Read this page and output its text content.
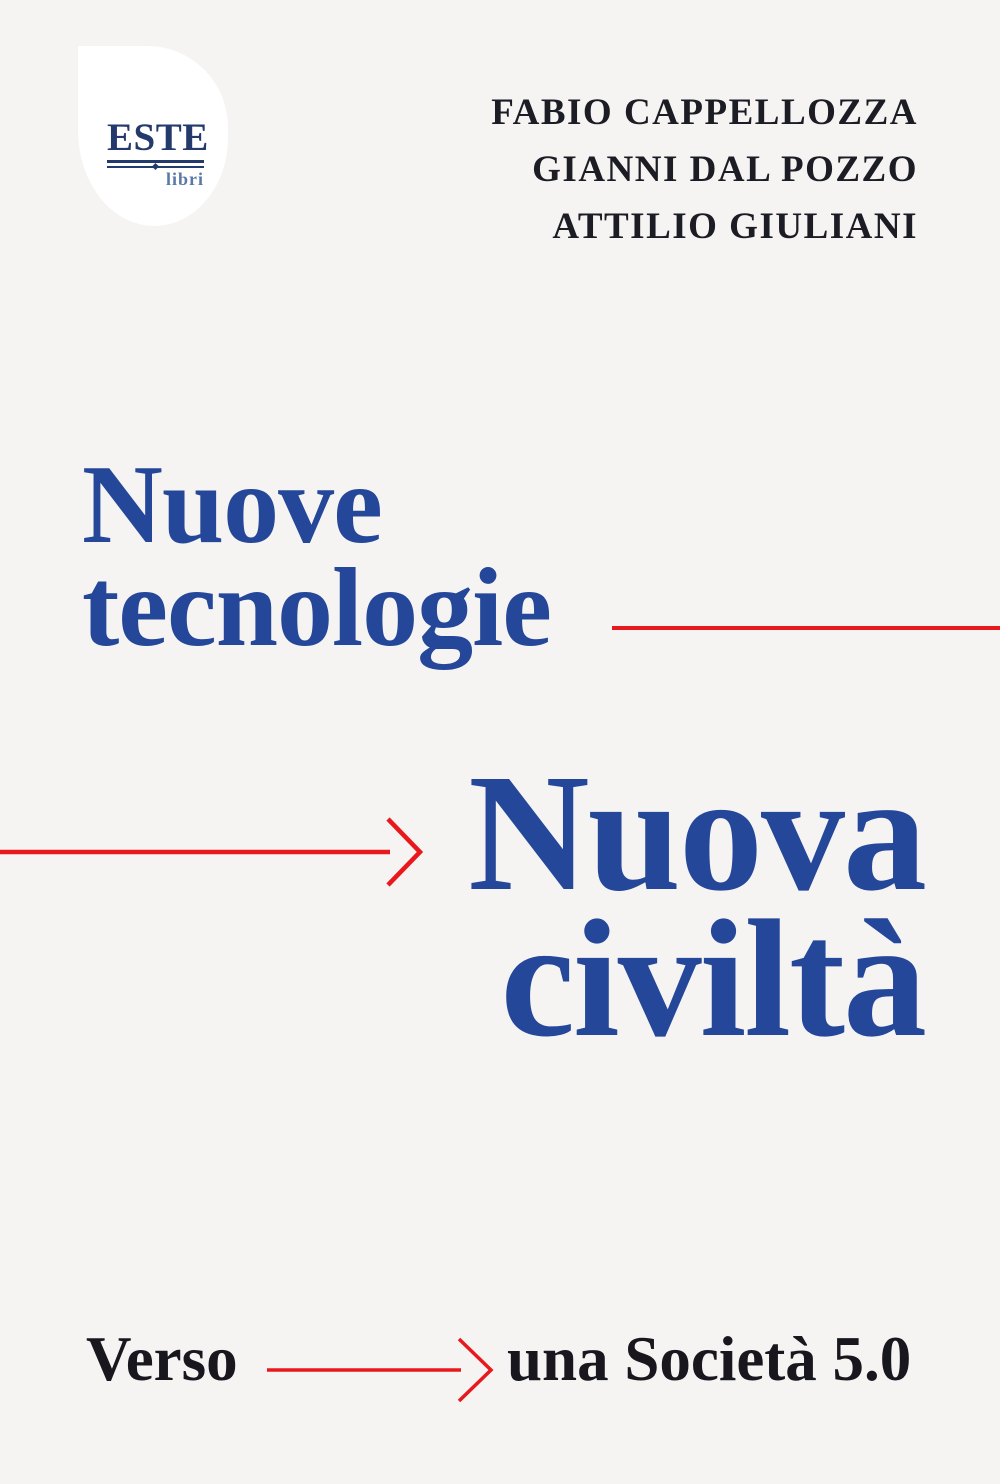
ESTE
libri
FABIO CAPPELLOZZA
GIANNI DAL POZZO
ATTILIO GIULIANI
Nuove
tecnologie
Nuova
civiltà
Verso	una Società 5.0
